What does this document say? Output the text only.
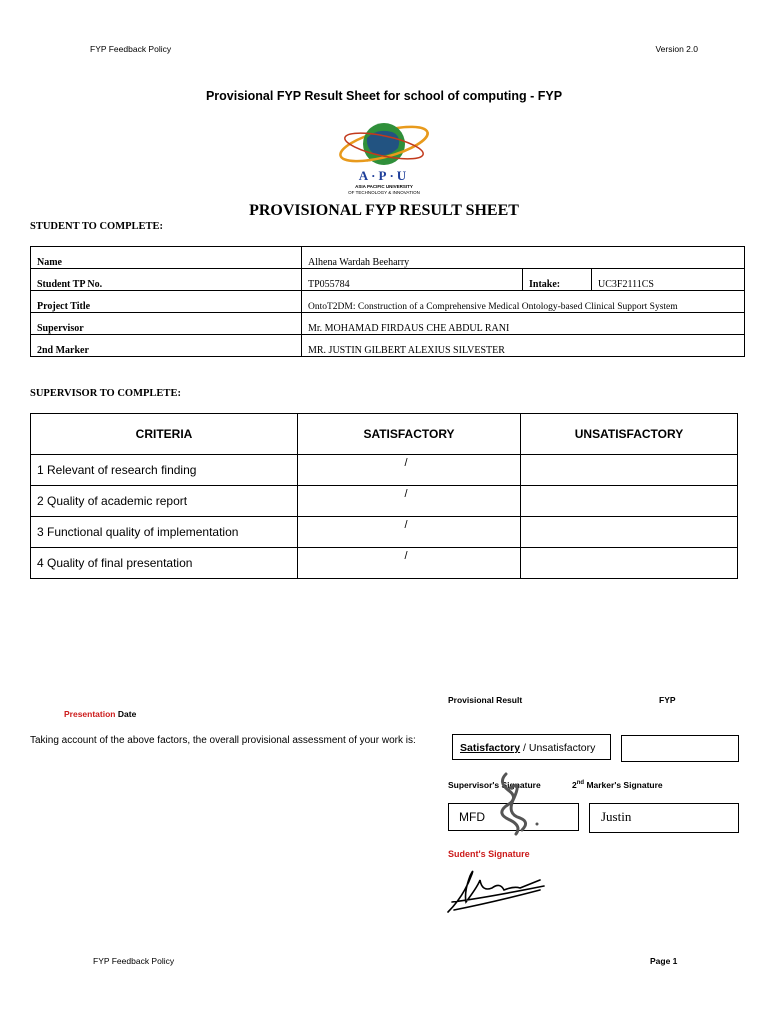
FYP Feedback Policy	Version 2.0
Provisional FYP Result Sheet for school of computing - FYP
A·P·U
ASIA PACIFIC UNIVERSITY
OF TECHNOLOGY & INNOVATION
PROVISIONAL FYP RESULT SHEET
STUDENT TO COMPLETE:
Name	Alhena Wardah Beeharry		
Student TP No.	TP055784	Intake:	UC3F2111CS
Project Title	OntoT2DM: Construction of a Comprehensive Medical Ontology-based Clinical Support System		
Supervisor	Mr. MOHAMAD FIRDAUS CHE ABDUL RANI		
2nd Marker	MR. JUSTIN GILBERT ALEXIUS SILVESTER		
SUPERVISOR TO COMPLETE:
CRITERIA	SATISFACTORY	UNSATISFACTORY
1 Relevant of research finding	/	
2 Quality of academic report	/	
3 Functional quality of implementation	/	
4 Quality of final presentation	/	
Provisional Result	FYP
Presentation Date
Taking account of the above factors, the overall provisional assessment of your work is:
Satisfactory / Unsatisfactory
Supervisor's Signature	2nd Marker's Signature
MFD	Justin
Sudent's Signature
FYP Feedback Policy	Page 1
